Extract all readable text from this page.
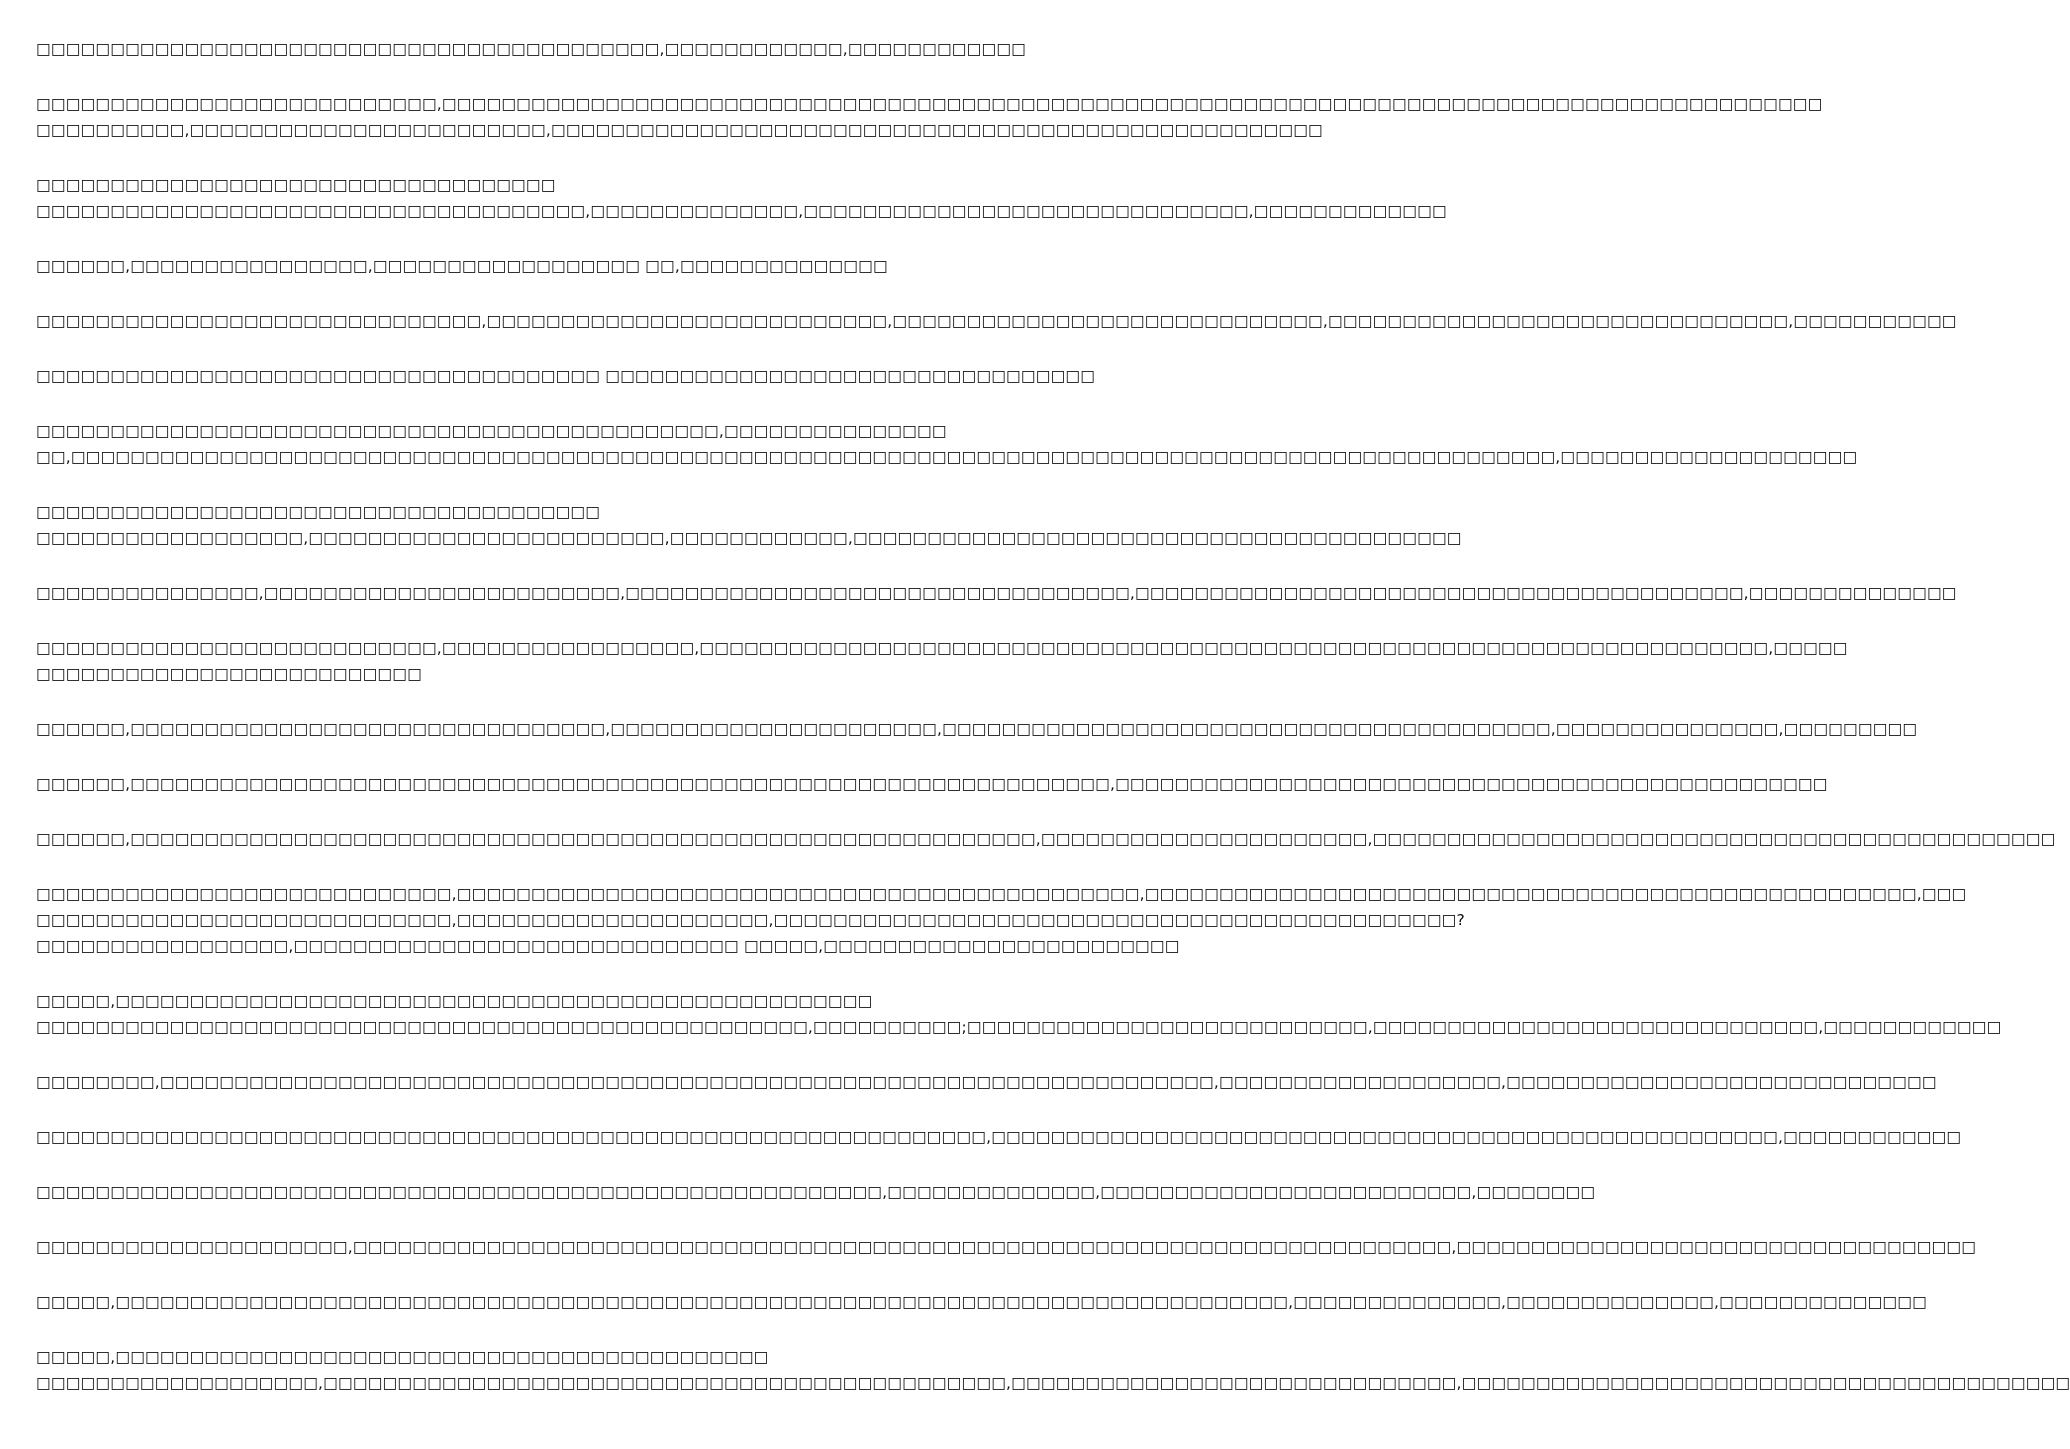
□□□□□□□□□□□□□□□□□□□□□□□□□□□□□□□□□□□□□□□□□□,□□□□□□□□□□□□,□□□□□□□□□□□□
□□□□□□□□□□□□□□□□□□□□□□□□□□□,□□□□□□□□□□□□□□□□□□□□□□□□□□□□□□□□□□□□□□□□□□□□□□□□□□□□□□□□□□□□□□□□□□□□□□□□□□□□□□□□□□□□□□□□□□□□□
□□□□□□□□□□,□□□□□□□□□□□□□□□□□□□□□□□□,□□□□□□□□□□□□□□□□□□□□□□□□□□□□□□□□□□□□□□□□□□□□□□□□□□□□
□□□□□□□□□□□□□□□□□□□□□□□□□□□□□□□□□□□
□□□□□□□□□□□□□□□□□□□□□□□□□□□□□□□□□□□□□,□□□□□□□□□□□□□□,□□□□□□□□□□□□□□□□□□□□□□□□□□□□□□,□□□□□□□□□□□□□
□□□□□□,□□□□□□□□□□□□□□□□,□□□□□□□□□□□□□□□□□□ □□,□□□□□□□□□□□□□□
□□□□□□□□□□□□□□□□□□□□□□□□□□□□□□,□□□□□□□□□□□□□□□□□□□□□□□□□□□,□□□□□□□□□□□□□□□□□□□□□□□□□□□□□,□□□□□□□□□□□□□□□□□□□□□□□□□□□□□□□,□□□□□□□□□□□
□□□□□□□□□□□□□□□□□□□□□□□□□□□□□□□□□□□□□□ □□□□□□□□□□□□□□□□□□□□□□□□□□□□□□□□□
□□□□□□□□□□□□□□□□□□□□□□□□□□□□□□□□□□□□□□□□□□□□□□,□□□□□□□□□□□□□□□
□□,□□□□□□□□□□□□□□□□□□□□□□□□□□□□□□□□□□□□□□□□□□□□□□□□□□□□□□□□□□□□□□□□□□□□□□□□□□□□□□□□□□□□□□□□□□□□□□□□□□□□,□□□□□□□□□□□□□□□□□□□□
□□□□□□□□□□□□□□□□□□□□□□□□□□□□□□□□□□□□□□
□□□□□□□□□□□□□□□□□□,□□□□□□□□□□□□□□□□□□□□□□□□,□□□□□□□□□□□□,□□□□□□□□□□□□□□□□□□□□□□□□□□□□□□□□□□□□□□□□□
□□□□□□□□□□□□□□□,□□□□□□□□□□□□□□□□□□□□□□□□,□□□□□□□□□□□□□□□□□□□□□□□□□□□□□□□□□□,□□□□□□□□□□□□□□□□□□□□□□□□□□□□□□□□□□□□□□□□□,□□□□□□□□□□□□□□
□□□□□□□□□□□□□□□□□□□□□□□□□□□,□□□□□□□□□□□□□□□□□,□□□□□□□□□□□□□□□□□□□□□□□□□□□□□□□□□□□□□□□□□□□□□□□□□□□□□□□□□□□□□□□□□□□□□□□□,□□□□□
□□□□□□□□□□□□□□□□□□□□□□□□□□
□□□□□□,□□□□□□□□□□□□□□□□□□□□□□□□□□□□□□□□,□□□□□□□□□□□□□□□□□□□□□□,□□□□□□□□□□□□□□□□□□□□□□□□□□□□□□□□□□□□□□□□□,□□□□□□□□□□□□□□□,□□□□□□□□□
□□□□□□,□□□□□□□□□□□□□□□□□□□□□□□□□□□□□□□□□□□□□□□□□□□□□□□□□□□□□□□□□□□□□□□□□□,□□□□□□□□□□□□□□□□□□□□□□□□□□□□□□□□□□□□□□□□□□□□□□□□
□□□□□□,□□□□□□□□□□□□□□□□□□□□□□□□□□□□□□□□□□□□□□□□□□□□□□□□□□□□□□□□□□□□□,□□□□□□□□□□□□□□□□□□□□□□,□□□□□□□□□□□□□□□□□□□□□□□□□□□□□□□□□□□□□□□□□□□□□□
□□□□□□□□□□□□□□□□□□□□□□□□□□□□,□□□□□□□□□□□□□□□□□□□□□□□□□□□□□□□□□□□□□□□□□□□□□□,□□□□□□□□□□□□□□□□□□□□□□□□□□□□□□□□□□□□□□□□□□□□□□□□□□□□,□□□
□□□□□□□□□□□□□□□□□□□□□□□□□□□□,□□□□□□□□□□□□□□□□□□□□□,□□□□□□□□□□□□□□□□□□□□□□□□□□□□□□□□□□□□□□□□□□□□□□?
□□□□□□□□□□□□□□□□□,□□□□□□□□□□□□□□□□□□□□□□□□□□□□□□ □□□□□,□□□□□□□□□□□□□□□□□□□□□□□□
□□□□□,□□□□□□□□□□□□□□□□□□□□□□□□□□□□□□□□□□□□□□□□□□□□□□□□□□□
□□□□□□□□□□□□□□□□□□□□□□□□□□□□□□□□□□□□□□□□□□□□□□□□□□□□,□□□□□□□□□□;□□□□□□□□□□□□□□□□□□□□□□□□□□□,□□□□□□□□□□□□□□□□□□□□□□□□□□□□□□,□□□□□□□□□□□□
□□□□□□□□,□□□□□□□□□□□□□□□□□□□□□□□□□□□□□□□□□□□□□□□□□□□□□□□□□□□□□□□□□□□□□□□□□□□□□□□,□□□□□□□□□□□□□□□□□□□,□□□□□□□□□□□□□□□□□□□□□□□□□□□□□
□□□□□□□□□□□□□□□□□□□□□□□□□□□□□□□□□□□□□□□□□□□□□□□□□□□□□□□□□□□□□□□□,□□□□□□□□□□□□□□□□□□□□□□□□□□□□□□□□□□□□□□□□□□□□□□□□□□□□□,□□□□□□□□□□□□
□□□□□□□□□□□□□□□□□□□□□□□□□□□□□□□□□□□□□□□□□□□□□□□□□□□□□□□□□,□□□□□□□□□□□□□□,□□□□□□□□□□□□□□□□□□□□□□□□□,□□□□□□□□
□□□□□□□□□□□□□□□□□□□□□,□□□□□□□□□□□□□□□□□□□□□□□□□□□□□□□□□□□□□□□□□□□□□□□□□□□□□□□□□□□□□□□□□□□□□□□□□□,□□□□□□□□□□□□□□□□□□□□□□□□□□□□□□□□□□□
□□□□□,□□□□□□□□□□□□□□□□□□□□□□□□□□□□□□□□□□□□□□□□□□□□□□□□□□□□□□□□□□□□□□□□□□□□□□□□□□□□□□□,□□□□□□□□□□□□□□,□□□□□□□□□□□□□□,□□□□□□□□□□□□□□
□□□□□,□□□□□□□□□□□□□□□□□□□□□□□□□□□□□□□□□□□□□□□□□□□□
□□□□□□□□□□□□□□□□□□□,□□□□□□□□□□□□□□□□□□□□□□□□□□□□□□□□□□□□□□□□□□□□□□,□□□□□□□□□□□□□□□□□□□□□□□□□□□□□□,□□□□□□□□□□□□□□□□□□□□□□□□□□□□□□□□□□□□□□□□□
